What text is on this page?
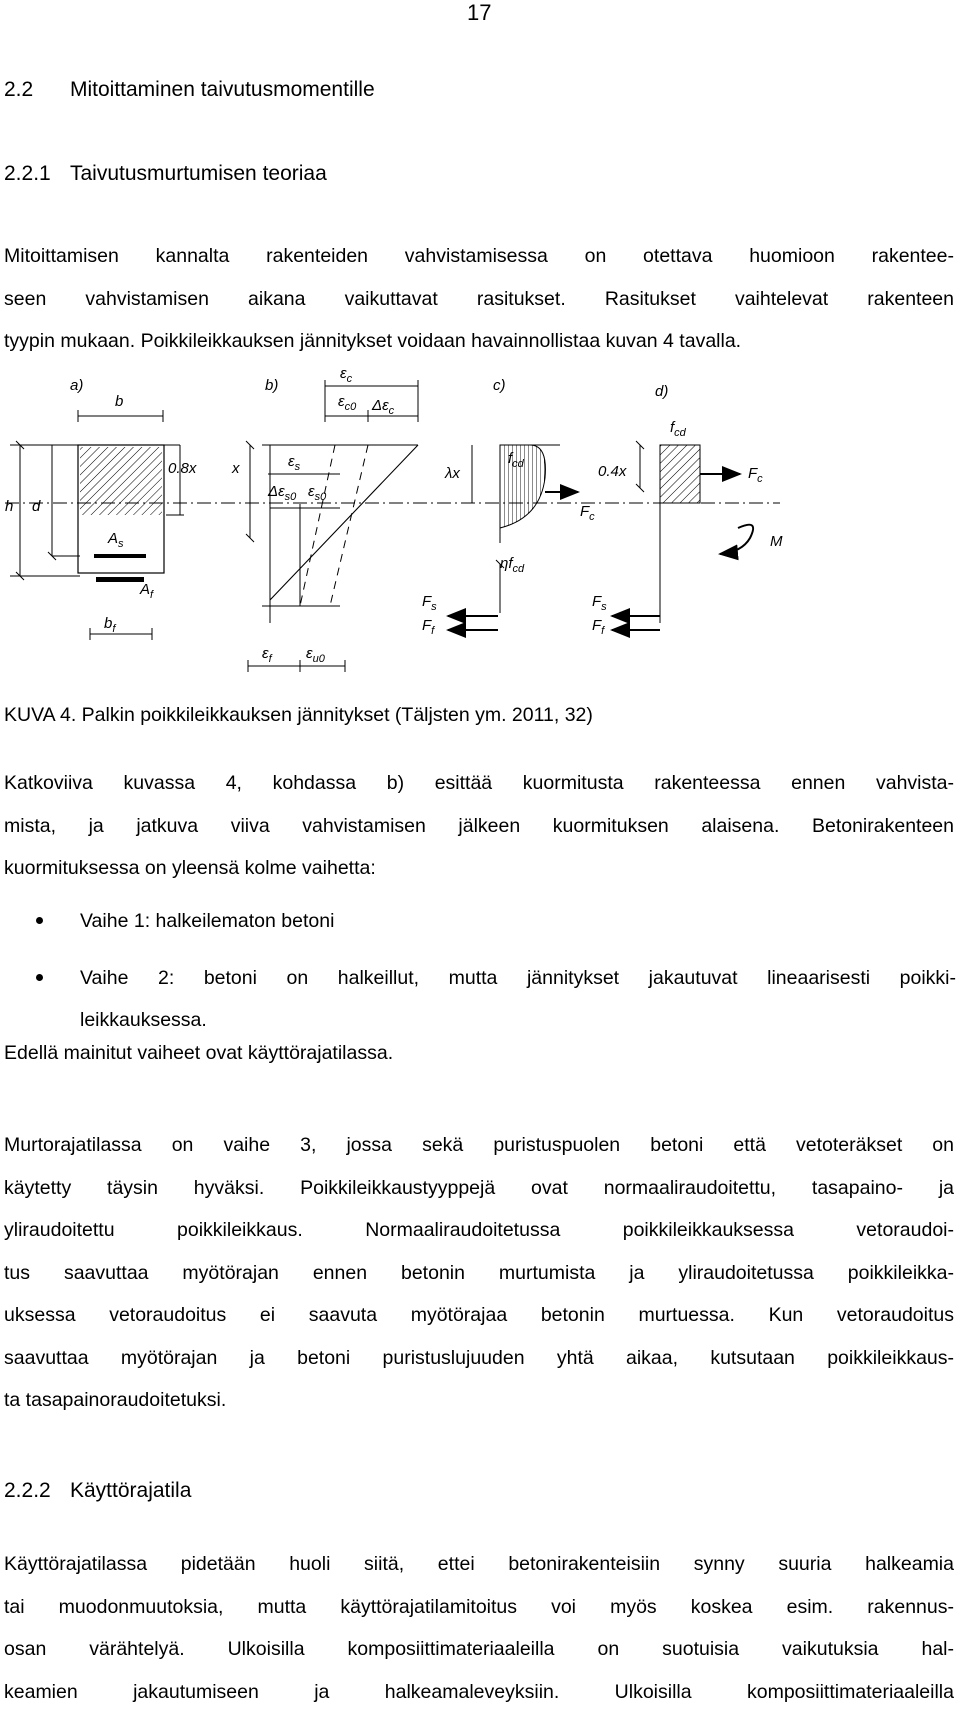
17
2.2 Mitoittaminen taivutusmomentille
2.2.1 Taivutusmurtumisen teoriaa
Mitoittamisen kannalta rakenteiden vahvistamisessa on otettava huomioon rakentee-
seen vahvistamisen aikana vaikuttavat rasitukset. Rasitukset vaihtelevat rakenteen
tyypin mukaan. Poikkileikkauksen jännitykset voidaan havainnollistaa kuvan 4 tavalla.
a)	b)	c)	d)
b
h d
$A_s$
$A_f$
$b_f$
0.8x x
$\varepsilon_c$
$\varepsilon_{c0}$ $\Delta\varepsilon_c$
$\varepsilon_s$
$\Delta\varepsilon_{s0}$ $\varepsilon_{s0}$
$\varepsilon_f$ $\varepsilon_{u0}$
λx
$F_c$
$\eta f_{cd}$
$F_s$
$F_f$
$f_{cd}$
0.4x	$F_c$
M
$F_s$
$F_f$
KUVA 4. Palkin poikkileikkauksen jännitykset (Täljsten ym. 2011, 32)
Katkoviiva kuvassa 4, kohdassa b) esittää kuormitusta rakenteessa ennen vahvista-
mista, ja jatkuva viiva vahvistamisen jälkeen kuormituksen alaisena. Betonirakenteen
kuormituksessa on yleensä kolme vaihetta:
Vaihe 1: halkeilematon betoni
Vaihe 2: betoni on halkeillut, mutta jännitykset jakautuvat lineaarisesti poikki-
leikkauksessa.
Edellä mainitut vaiheet ovat käyttörajatilassa.
Murtorajatilassa on vaihe 3, jossa sekä puristuspuolen betoni että vetoteräkset on
käytetty täysin hyväksi. Poikkileikkaustyyppejä ovat normaaliraudoitettu, tasapaino- ja
yliraudoitettu poikkileikkaus. Normaaliraudoitetussa poikkileikkauksessa vetoraudoi-
tus saavuttaa myötörajan ennen betonin murtumista ja yliraudoitetussa poikkileikka-
uksessa vetoraudoitus ei saavuta myötörajaa betonin murtuessa. Kun vetoraudoitus
saavuttaa myötörajan ja betoni puristuslujuuden yhtä aikaa, kutsutaan poikkileikkaus-
ta tasapainoraudoitetuksi.
2.2.2 Käyttörajatila
Käyttörajatilassa pidetään huoli siitä, ettei betonirakenteisiin synny suuria halkeamia
tai muodonmuutoksia, mutta käyttörajatilamitoitus voi myös koskea esim. rakennus-
osan värähtelyä. Ulkoisilla komposiittimateriaaleilla on suotuisia vaikutuksia hal-
keamien jakautumiseen ja halkeamaleveyksiin. Ulkoisilla komposiittimateriaaleilla
